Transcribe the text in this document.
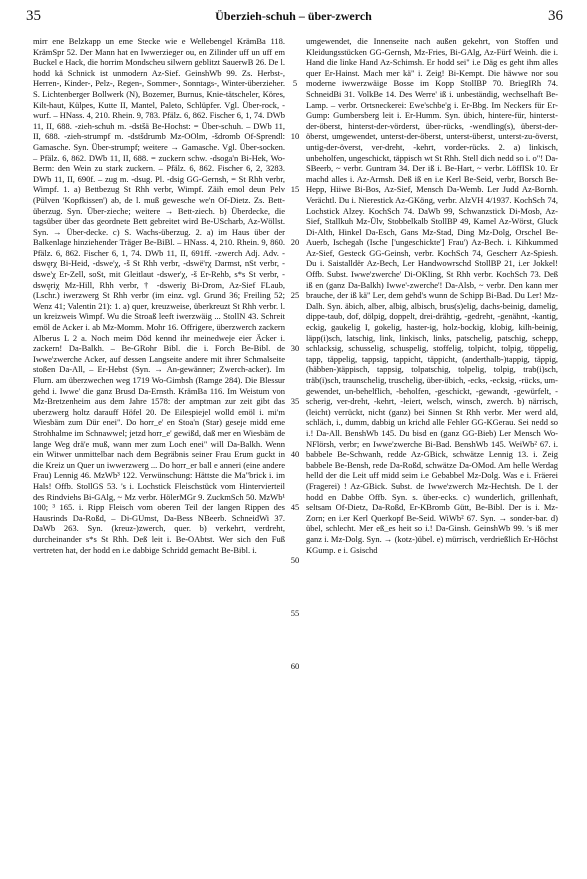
35	Überzieh-schuh – über-zwerch	36

mirr ene Belzkapp un eme Stecke wie e Wellebengel KrämBa 118. KrämSpr 52. Der Mann hat en Iwwerzieger ou, en Zilinder uff un uff em Buckel e Hack, die horrim Mondscheu silwern geblitzt SauerwB 26. De l. hodd kä Schnick ist unmodern Az-Sief. GeinshWb 99. Zs. Herbst-, Herren-, Kinder-, Pelz-, Regen-, Sommer-, Sonntags-, Winter-überzieher. S. Lichtenberger Bollwerk (N), Bozemer, Burnus, Knie-tätscheler, Köres, Kilt-haut, Külpes, Kutte II, Mantel, Paleto, Schlüpfer. Vgl. Über-rock, -wurf. – HNass. 4, 210. Rhein. 9, 783. Pfälz. 6, 862. Fischer 6, 1, 74. DWb 11, II, 688. -zieh-schuh m. -dstšä Be-Hochst: = Über-schuh. – DWb 11, II, 688. -zieh-strumpf m. -dstšdrumb Mz-OOlm, -šdromb Of-Sprendl: Gamasche. Syn. Über-strumpf; weitere → Gamasche. Vgl. Über-socken. – Pfälz. 6, 862. DWb 11, II, 688. = zuckern schw. -dsoga'n Bi-Hek, Wo-Berm: den Wein zu stark zuckern. – Pfälz. 6, 862. Fischer 6, 2, 3283. DWb 11, II, 690f. – zug m. -dsug. Pl. -dsig GG-Gernsh, = St Rhh verbr, Wimpf. 1. a) Bettbezug St Rhh verbr, Wimpf. Zäih emol deun Pelv (Pülven 'Kopfkissen') ab, de l. muß gewesche we'n Of-Dietz. Zs. Bett-überzug. Syn. Über-zieche; weitere → Bett-ziech. b) Überdecke, die tagsüber über das geordnete Bett gebreitet wird Be-UScharb, Az-Wöllst. Syn. → Über-decke. c) S. Wachs-überzug. 2. a) im Haus über der Balkenlage hinziehender Träger Be-BiBl. – HNass. 4, 210. Rhein. 9, 860. Pfälz. 6, 862. Fischer 6, 1, 74. DWb 11, II, 691ff. -zwerch Adj. Adv. -dswęrχ Bi-Heid, -dswe'χ, -š St Rhh verbr, -dswë'rχ Darmst, nSt verbr, -dswe'χ Er-Zell, soSt, mit Gleitlaut -dswer'χ, -š Er-Rehb, s*s St verbr, -dswęriχ Mz-Hill, Rhh verbr, † -dsweriχ Bi-Drom, Az-Sief FLaub, (Lschr.) iwerzwerg St Rhh verbr (im einz. vgl. Grund 36; Freiling 52; Wenz 41; Valentin 21): 1. a) quer, kreuzweise, überkreuzt St Rhh verbr. l. un kreizweis Wimpf. Wu die Stroaß leeft iwerzwäig ... StollN 43. Schreit emöl de Acker i. ab Mz-Momm. Mohr 16. Offrigere, überzwerch zackern Alberus L 2 a. Noch meim Död kennd ihr meinedweje eier Äcker i. zackern! Da-Balkh. – Be-GRohr Bibl. die i. Forch Be-Bibl. de Iwwe'zwerche Acker, auf dessen Langseite andere mit ihrer Schmalseite stoßen Da-All, – Er-Hebst (Syn. → An-gewänner; Zwerch-acker). Im Flurn. am überzwechen weg 1719 Wo-Gimbsh (Ramge 284). Die Blessur gehd i. Iwwe' die ganz Brusd Da-Ernsth. KrämBa 116. Im Weistum von Mz-Bretzenheim aus dem Jahre 1578: der amptman zur zeit gibt das uberzwerg holtz darauff Höfel 20. De Eilespiejel wolld emöl i. mi'm Wiesbäm zum Dür enei". Do horr_e' en Stoa'n (Star) geseje midd eme Strohhalme im Schnawwel; jetzd horr_e' gewißd, daß mer en Wiesbäm de lange Weg drä'e muß, wann mer zum Loch enei" will Da-Balkh. Wenn ein Witwer unmittelbar nach dem Begräbnis seiner Frau Erum guckt in die Kreiz un Quer un iwwerzwerg ... Do horr_er ball e anneri (eine andere Frau) Lennig 46. MzWb³ 122. Verwünschung: Hättste die Ma"brick i. im Hals! Offb. StollGS 53. 's i. Lochstick Fleischstück vom Hintervierteil des Rindviehs Bi-GAlg, ~ Mz verbr. HölerMGr 9. ZuckmSch 50. MzWb¹ 100; ³ 165. i. Ripp Fleisch vom oberen Teil der langen Rippen des Hausrinds Da-Roßd, – Di-GUmst, Da-Bess NBeerb. SchneidWi 37. DaWb 263. Syn. (kreuz-)zwerch, quer. b) verkehrt, verdreht, durcheinander s*s St Rhh. Deß leit i. Be-OAbtst. Wer sich den Fuß vertreten hat, der hodd en i.e dabbige Schridd gemacht Be-Bibl. i.

5
10
15
20
25
30
35
40
45
50
55
60

umgewendet, die Innenseite nach außen gekehrt, von Stoffen und Kleidungsstücken GG-Gernsh, Mz-Fries, Bi-GAlg, Az-Fürf Weinh. die i. Hand die linke Hand Az-Schimsh. Er hodd sei" i.e Däg es geht ihm alles quer Er-Hainst. Mach mer kä" i. Zeig! Bi-Kempt. Die häwwe nor sou moderne iwwerzwäige Bosse im Kopp StollBP 70. BriegIRh 74. SchneidBi 31. VolkBe 14. Des Werre' iß i. unbeständig, wechselhaft Be-Lamp. – verbr. Ortsneckerei: Ewe'schbe'g i. Er-Bbg. Im Neckers für Er-Gump: Gumbersberg leit i. Er-Humm. Syn. übich, hintere-für, hinterst-der-öberst, hinterst-der-vörderst, über-rücks, -wendling(s), überst-der-öberst, umgewendet, unterst-der-öberst, unterst-überst, unterst-zu-överst, untig-der-överst, ver-dreht, -kehrt, vorder-rücks. 2. a) linkisch, unbeholfen, ungeschickt, täppisch wt St Rhh. Stell dich nedd so i. o"! Da-SBeerb, ~ verbr. Guntram 34. Der iß i. Be-Hart, ~ verbr. LöffISk 10. Er machd alles i. Az-Armsh. Deß iß en i.e Kerl Be-Seid, verbr, Borsch Be-Hepp, Hiiwe Bi-Bos, Az-Sief, Mensch Da-Wemb. Ler Judd Az-Bornh. Verächtl. Du i. Nierestick Az-GKöng, verbr. AlzVH 4/1937. KochSch 74, Lochstick Alzey. KochSch 74. DaWb 99, Schwanzstick Di-Mosb, Az-Sief, Stallkuh Mz-Ülv, Stobbelkalb StollBP 49, Kamel Az-Wörst, Gluck Di-Alth, Hinkel Da-Esch, Gans Mz-Stad, Ding Mz-Dolg, Orschel Be-Auerb, Ischegah (Ische ['ungeschickte'] Frau') Az-Bech. i. Kihkummed Az-Sief, Gesteck GG-Geinsh, verbr. KochSch 74, Gescherr Az-Spiesh. Du i. Saistalldër Az-Bech, Ler Handwowrschd StollBP 21, i.er Jokkel! Offb. Subst. Iwwe'zwerche' Di-OKling, St Rhh verbr. KochSch 73. Deß iß en (ganz Da-Balkh) Iwwe'-zwerche'! Da-Alsb, ~ verbr. Den kann mer brauche, der iß kä" Ler, dem gehd's wunn de Schipp Bi-Bad. Du Ler! Mz-Dalh. Syn. äbich, alber, albig, albisch, brus(s)elig, dachs-beinig, damelig, dippe-taub, dof, dölpig, doppelt, drei-drähtig, -gedreht, -genähnt, -kantig, eckig, gaukelig I, gokelig, haster-ig, holz-bockig, klobig, kilh-beinig, läpp(i)sch, latschig, link, linkisch, links, patschelig, patschig, schepp, schlacksig, schusselig, schuspelig, stoffelig, tolpicht, tolpig, töppelig, tapp, täppelig, tappsig, tappicht, täppicht, (anderthalb-)tappig, täppig, (häbben-)täppisch, tappsig, tolpatschig, tolpelig, tolpig, trab(i)sch, träb(i)sch, traunschelig, truschelig, über-übich, -ecks, -ecksig, -rücks, um-gewendet, un-behelflich, -beholfen, -geschickt, -gewandt, -gewürfelt, -scherig, ver-dreht, -kehrt, -leiert, welsch, winsch, zwerch. b) närrisch, (leicht) verrückt, nicht (ganz) bei Sinnen St Rhh verbr. Mer werd ald, schläch, i., dumm, dabbig un krichd alle Fehler GG-KGerau. Sei nedd so i.! Da-All. BenshWb 145. Du bisd en (ganz GG-Bieb) Ler Mensch Wo-NFlörsh, verbr; en Iwwe'zwerche Bi-Bad. BenshWb 145. WeiWb² 67. i. babbele Be-Schwanh, redde Az-GBick, schwätze Lennig 13. i. Zeig babbele Be-Bensh, rede Da-Roßd, schwätze Da-OMod. Am helle Werdag helld der die Leit uff midd seim i.e Gebabbel Mz-Dolg. Was e i. Fräerei (Fragerei) ! Az-GBick. Subst. de Iwwe'zwerch Mz-Hechtsh. De l. der hodd en Dabbe Offb. Syn. s. über-ecks. c) wunderlich, grillenhaft, seltsam Of-Dietz, Da-Roßd, Er-KBromb Gütt, Be-Bibl. Der is i. Mz-Zorn; en i.er Kerl Querkopf Be-Seid. WiWb² 67. Syn. → sonder-bar. d) übel, schlecht. Mer eß_es heit so i.! Da-Ginsh. GeinshWb 99. 's iß mer ganz i. Mz-Dolg. Syn. → (kotz-)übel. e) mürrisch, verdrießlich Er-Höchst KGump. e i. Gsischd
